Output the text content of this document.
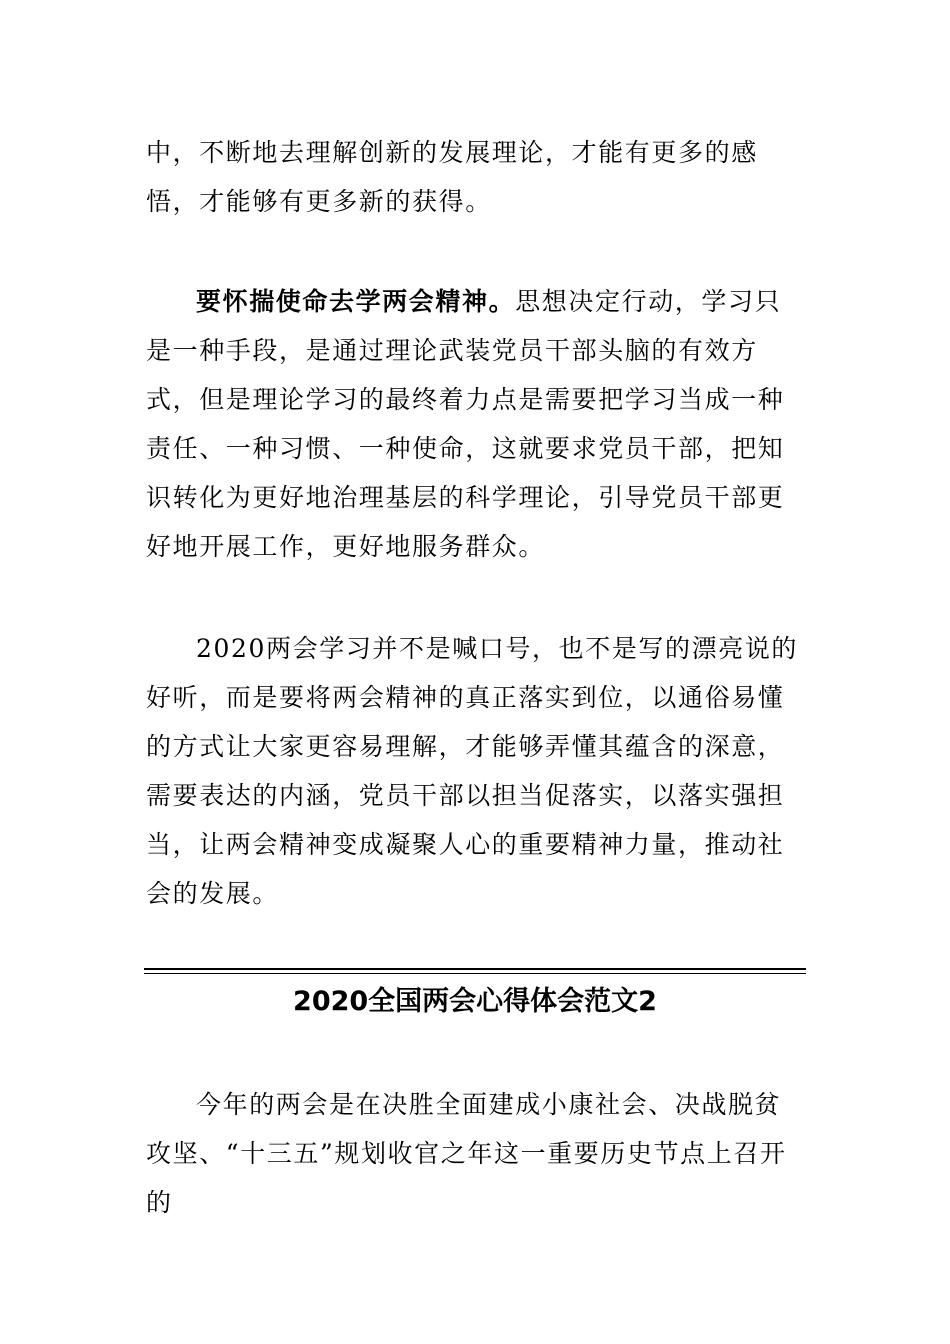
中，不断地去理解创新的发展理论，才能有更多的感悟，才能够有更多新的获得。

要怀揣使命去学两会精神。思想决定行动，学习只是一种手段，是通过理论武装党员干部头脑的有效方式，但是理论学习的最终着力点是需要把学习当成一种责任、一种习惯、一种使命，这就要求党员干部，把知识转化为更好地治理基层的科学理论，引导党员干部更好地开展工作，更好地服务群众。

2020两会学习并不是喊口号，也不是写的漂亮说的好听，而是要将两会精神的真正落实到位，以通俗易懂的方式让大家更容易理解，才能够弄懂其蕴含的深意，需要表达的内涵，党员干部以担当促落实，以落实强担当，让两会精神变成凝聚人心的重要精神力量，推动社会的发展。

2020全国两会心得体会范文2

今年的两会是在决胜全面建成小康社会、决战脱贫攻坚、“十三五”规划收官之年这一重要历史节点上召开的
